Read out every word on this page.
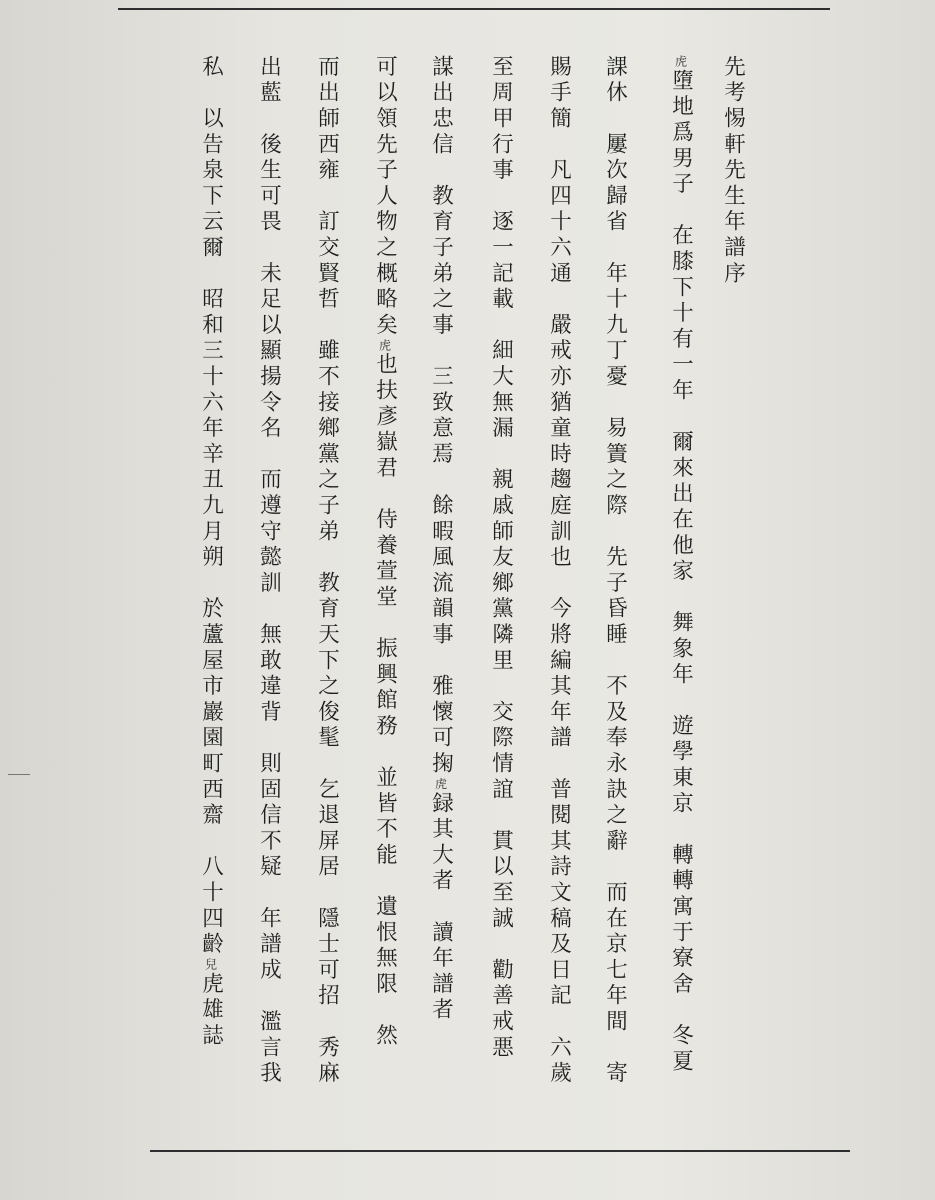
先考惕軒先生年譜序
虎墮地爲男子　在膝下十有一年　爾來出在他家　舞象年　遊學東京　轉轉寓于寮舍　冬夏
課休　屢次歸省　年十九丁憂　易簀之際　先子昏睡　不及奉永訣之辭　而在京七年間　寄
賜手簡　凡四十六通　嚴戒亦猶童時趨庭訓也　今將編其年譜　普閱其詩文稿及日記　六歲
至周甲行事　逐一記載　細大無漏　親戚師友鄉黨隣里　交際情誼　貫以至誠　勸善戒悪
謀出忠信　教育子弟之事　三致意焉　餘暇風流韻事　雅懷可掬虎録其大者　讀年譜者
可以領先子人物之概略矣虎也扶彥嶽君　侍養萱堂　振興館務　並皆不能　遺恨無限　然
而出師西雍　訂交賢哲　雖不接鄉黨之子弟　教育天下之俊髦　乞退屏居　隱士可招　秀麻
出藍　後生可畏　未足以顯揚令名　而遵守懿訓　無敢違背　則固信不疑　年譜成　濫言我
私　以告泉下云爾　昭和三十六年辛丑九月朔　於蘆屋市巖園町西齋　八十四齡兒虎雄誌
